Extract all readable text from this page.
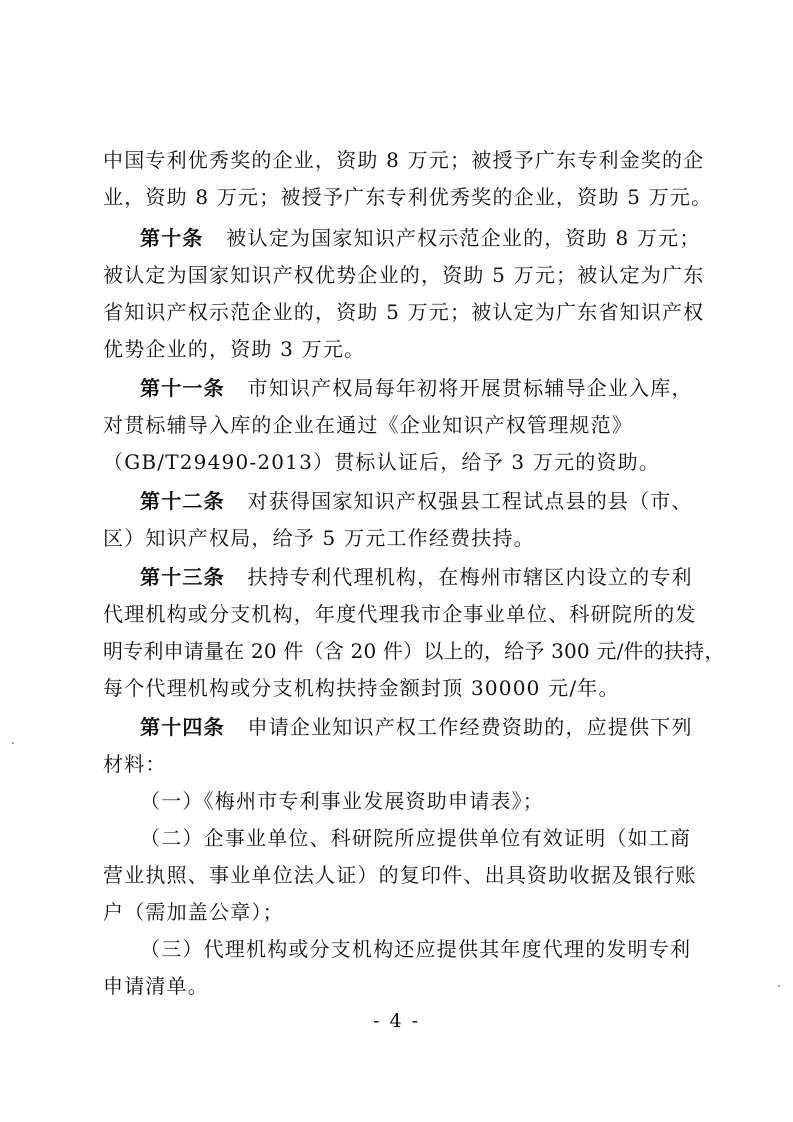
中国专利优秀奖的企业，资助 8 万元；被授予广东专利金奖的企
业，资助 8 万元；被授予广东专利优秀奖的企业，资助 5 万元。
第十条 被认定为国家知识产权示范企业的，资助 8 万元；
被认定为国家知识产权优势企业的，资助 5 万元；被认定为广东
省知识产权示范企业的，资助 5 万元；被认定为广东省知识产权
优势企业的，资助 3 万元。
第十一条 市知识产权局每年初将开展贯标辅导企业入库，
对贯标辅导入库的企业在通过《企业知识产权管理规范》
（GB/T29490-2013）贯标认证后，给予 3 万元的资助。
第十二条 对获得国家知识产权强县工程试点县的县（市、
区）知识产权局，给予 5 万元工作经费扶持。
第十三条 扶持专利代理机构，在梅州市辖区内设立的专利
代理机构或分支机构，年度代理我市企事业单位、科研院所的发
明专利申请量在 20 件（含 20 件）以上的，给予 300 元/件的扶持，
每个代理机构或分支机构扶持金额封顶 30000 元/年。
第十四条 申请企业知识产权工作经费资助的，应提供下列
材料：
（一）《梅州市专利事业发展资助申请表》；
（二）企事业单位、科研院所应提供单位有效证明（如工商
营业执照、事业单位法人证）的复印件、出具资助收据及银行账
户（需加盖公章）；
（三）代理机构或分支机构还应提供其年度代理的发明专利
申请清单。
- 4 -
